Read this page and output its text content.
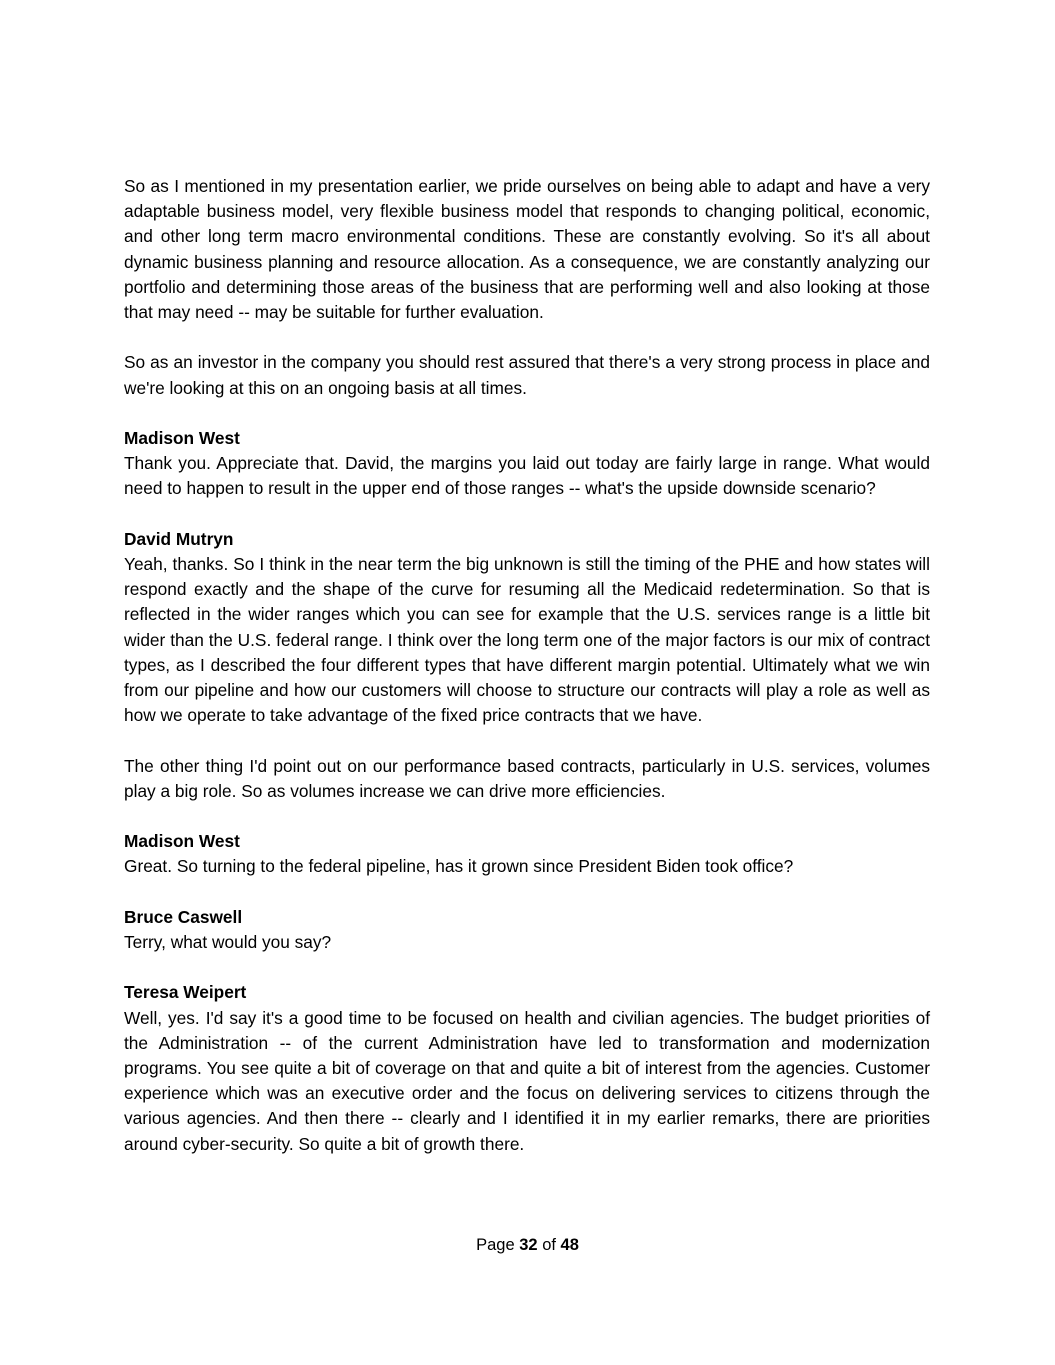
So as I mentioned in my presentation earlier, we pride ourselves on being able to adapt and have a very adaptable business model, very flexible business model that responds to changing political, economic, and other long term macro environmental conditions. These are constantly evolving. So it's all about dynamic business planning and resource allocation. As a consequence, we are constantly analyzing our portfolio and determining those areas of the business that are performing well and also looking at those that may need -- may be suitable for further evaluation.

So as an investor in the company you should rest assured that there's a very strong process in place and we're looking at this on an ongoing basis at all times.

Madison West
Thank you. Appreciate that. David, the margins you laid out today are fairly large in range. What would need to happen to result in the upper end of those ranges -- what's the upside downside scenario?
David Mutryn
Yeah, thanks. So I think in the near term the big unknown is still the timing of the PHE and how states will respond exactly and the shape of the curve for resuming all the Medicaid redetermination. So that is reflected in the wider ranges which you can see for example that the U.S. services range is a little bit wider than the U.S. federal range. I think over the long term one of the major factors is our mix of contract types, as I described the four different types that have different margin potential. Ultimately what we win from our pipeline and how our customers will choose to structure our contracts will play a role as well as how we operate to take advantage of the fixed price contracts that we have.

The other thing I'd point out on our performance based contracts, particularly in U.S. services, volumes play a big role. So as volumes increase we can drive more efficiencies.

Madison West
Great. So turning to the federal pipeline, has it grown since President Biden took office?
Bruce Caswell
Terry, what would you say?
Teresa Weipert
Well, yes. I'd say it's a good time to be focused on health and civilian agencies. The budget priorities of the Administration -- of the current Administration have led to transformation and modernization programs. You see quite a bit of coverage on that and quite a bit of interest from the agencies. Customer experience which was an executive order and the focus on delivering services to citizens through the various agencies. And then there -- clearly and I identified it in my earlier remarks, there are priorities around cyber-security. So quite a bit of growth there.
Page 32 of 48
